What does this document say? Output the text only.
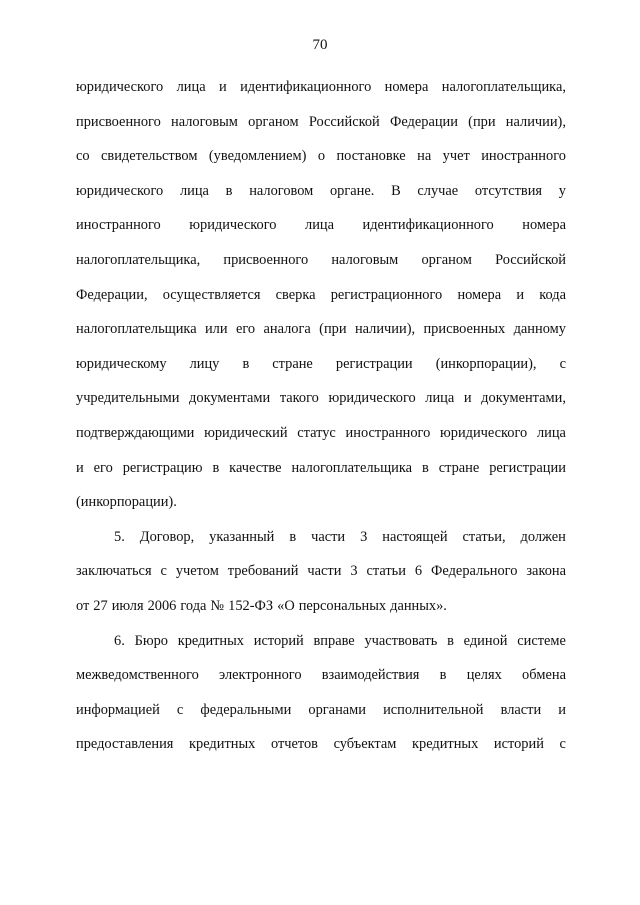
70
юридического лица и идентификационного номера налогоплательщика,
присвоенного налоговым органом Российской Федерации (при наличии),
со свидетельством (уведомлением) о постановке на учет иностранного
юридического лица в налоговом органе. В случае отсутствия у
иностранного юридического лица идентификационного номера
налогоплательщика, присвоенного налоговым органом Российской
Федерации, осуществляется сверка регистрационного номера и кода
налогоплательщика или его аналога (при наличии), присвоенных данному
юридическому лицу в стране регистрации (инкорпорации), с
учредительными документами такого юридического лица и документами,
подтверждающими юридический статус иностранного юридического лица
и его регистрацию в качестве налогоплательщика в стране регистрации
(инкорпорации).
5. Договор, указанный в части 3 настоящей статьи, должен
заключаться с учетом требований части 3 статьи 6 Федерального закона
от 27 июля 2006 года № 152-ФЗ «О персональных данных».
6. Бюро кредитных историй вправе участвовать в единой системе
межведомственного электронного взаимодействия в целях обмена
информацией с федеральными органами исполнительной власти и
предоставления кредитных отчетов субъектам кредитных историй с
